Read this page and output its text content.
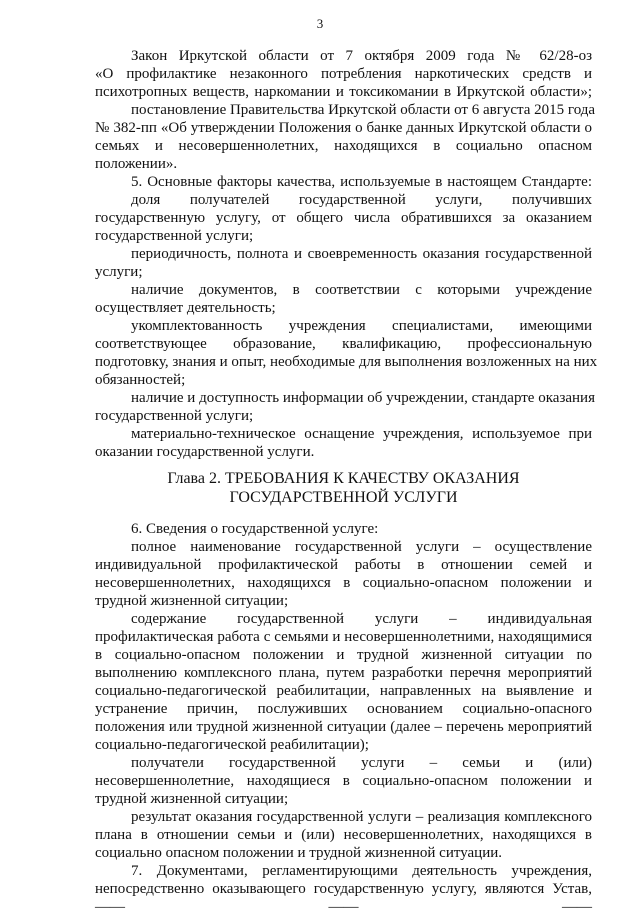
3
Закон Иркутской области от 7 октября 2009 года № 62/28-оз
«О профилактике незаконного потребления наркотических средств и
психотропных веществ, наркомании и токсикомании в Иркутской области»;
постановление Правительства Иркутской области от 6 августа 2015 года
№ 382-пп «Об утверждении Положения о банке данных Иркутской области о
семьях и несовершеннолетних, находящихся в социально опасном
положении».
5. Основные факторы качества, используемые в настоящем Стандарте:
доля получателей государственной услуги, получивших
государственную услугу, от общего числа обратившихся за оказанием
государственной услуги;
периодичность, полнота и своевременность оказания государственной
услуги;
наличие документов, в соответствии с которыми учреждение
осуществляет деятельность;
укомплектованность учреждения специалистами, имеющими
соответствующее образование, квалификацию, профессиональную
подготовку, знания и опыт, необходимые для выполнения возложенных на них
обязанностей;
наличие и доступность информации об учреждении, стандарте оказания
государственной услуги;
материально-техническое оснащение учреждения, используемое при
оказании государственной услуги.
Глава 2. ТРЕБОВАНИЯ К КАЧЕСТВУ ОКАЗАНИЯ
ГОСУДАРСТВЕННОЙ УСЛУГИ
6. Сведения о государственной услуге:
полное наименование государственной услуги – осуществление
индивидуальной профилактической работы в отношении семей и
несовершеннолетних, находящихся в социально-опасном положении и
трудной жизненной ситуации;
содержание государственной услуги – индивидуальная
профилактическая работа с семьями и несовершеннолетними, находящимися
в социально-опасном положении и трудной жизненной ситуации по
выполнению комплексного плана, путем разработки перечня мероприятий
социально-педагогической реабилитации, направленных на выявление и
устранение причин, послуживших основанием социально-опасного
положения или трудной жизненной ситуации (далее – перечень мероприятий
социально-педагогической реабилитации);
получатели государственной услуги – семьи и (или)
несовершеннолетние, находящиеся в социально-опасном положении и
трудной жизненной ситуации;
результат оказания государственной услуги – реализация комплексного
плана в отношении семьи и (или) несовершеннолетних, находящихся в
социально опасном положении и трудной жизненной ситуации.
7. Документами, регламентирующими деятельность учреждения,
непосредственно оказывающего государственную услугу, являются Устав,
—— —— ——
